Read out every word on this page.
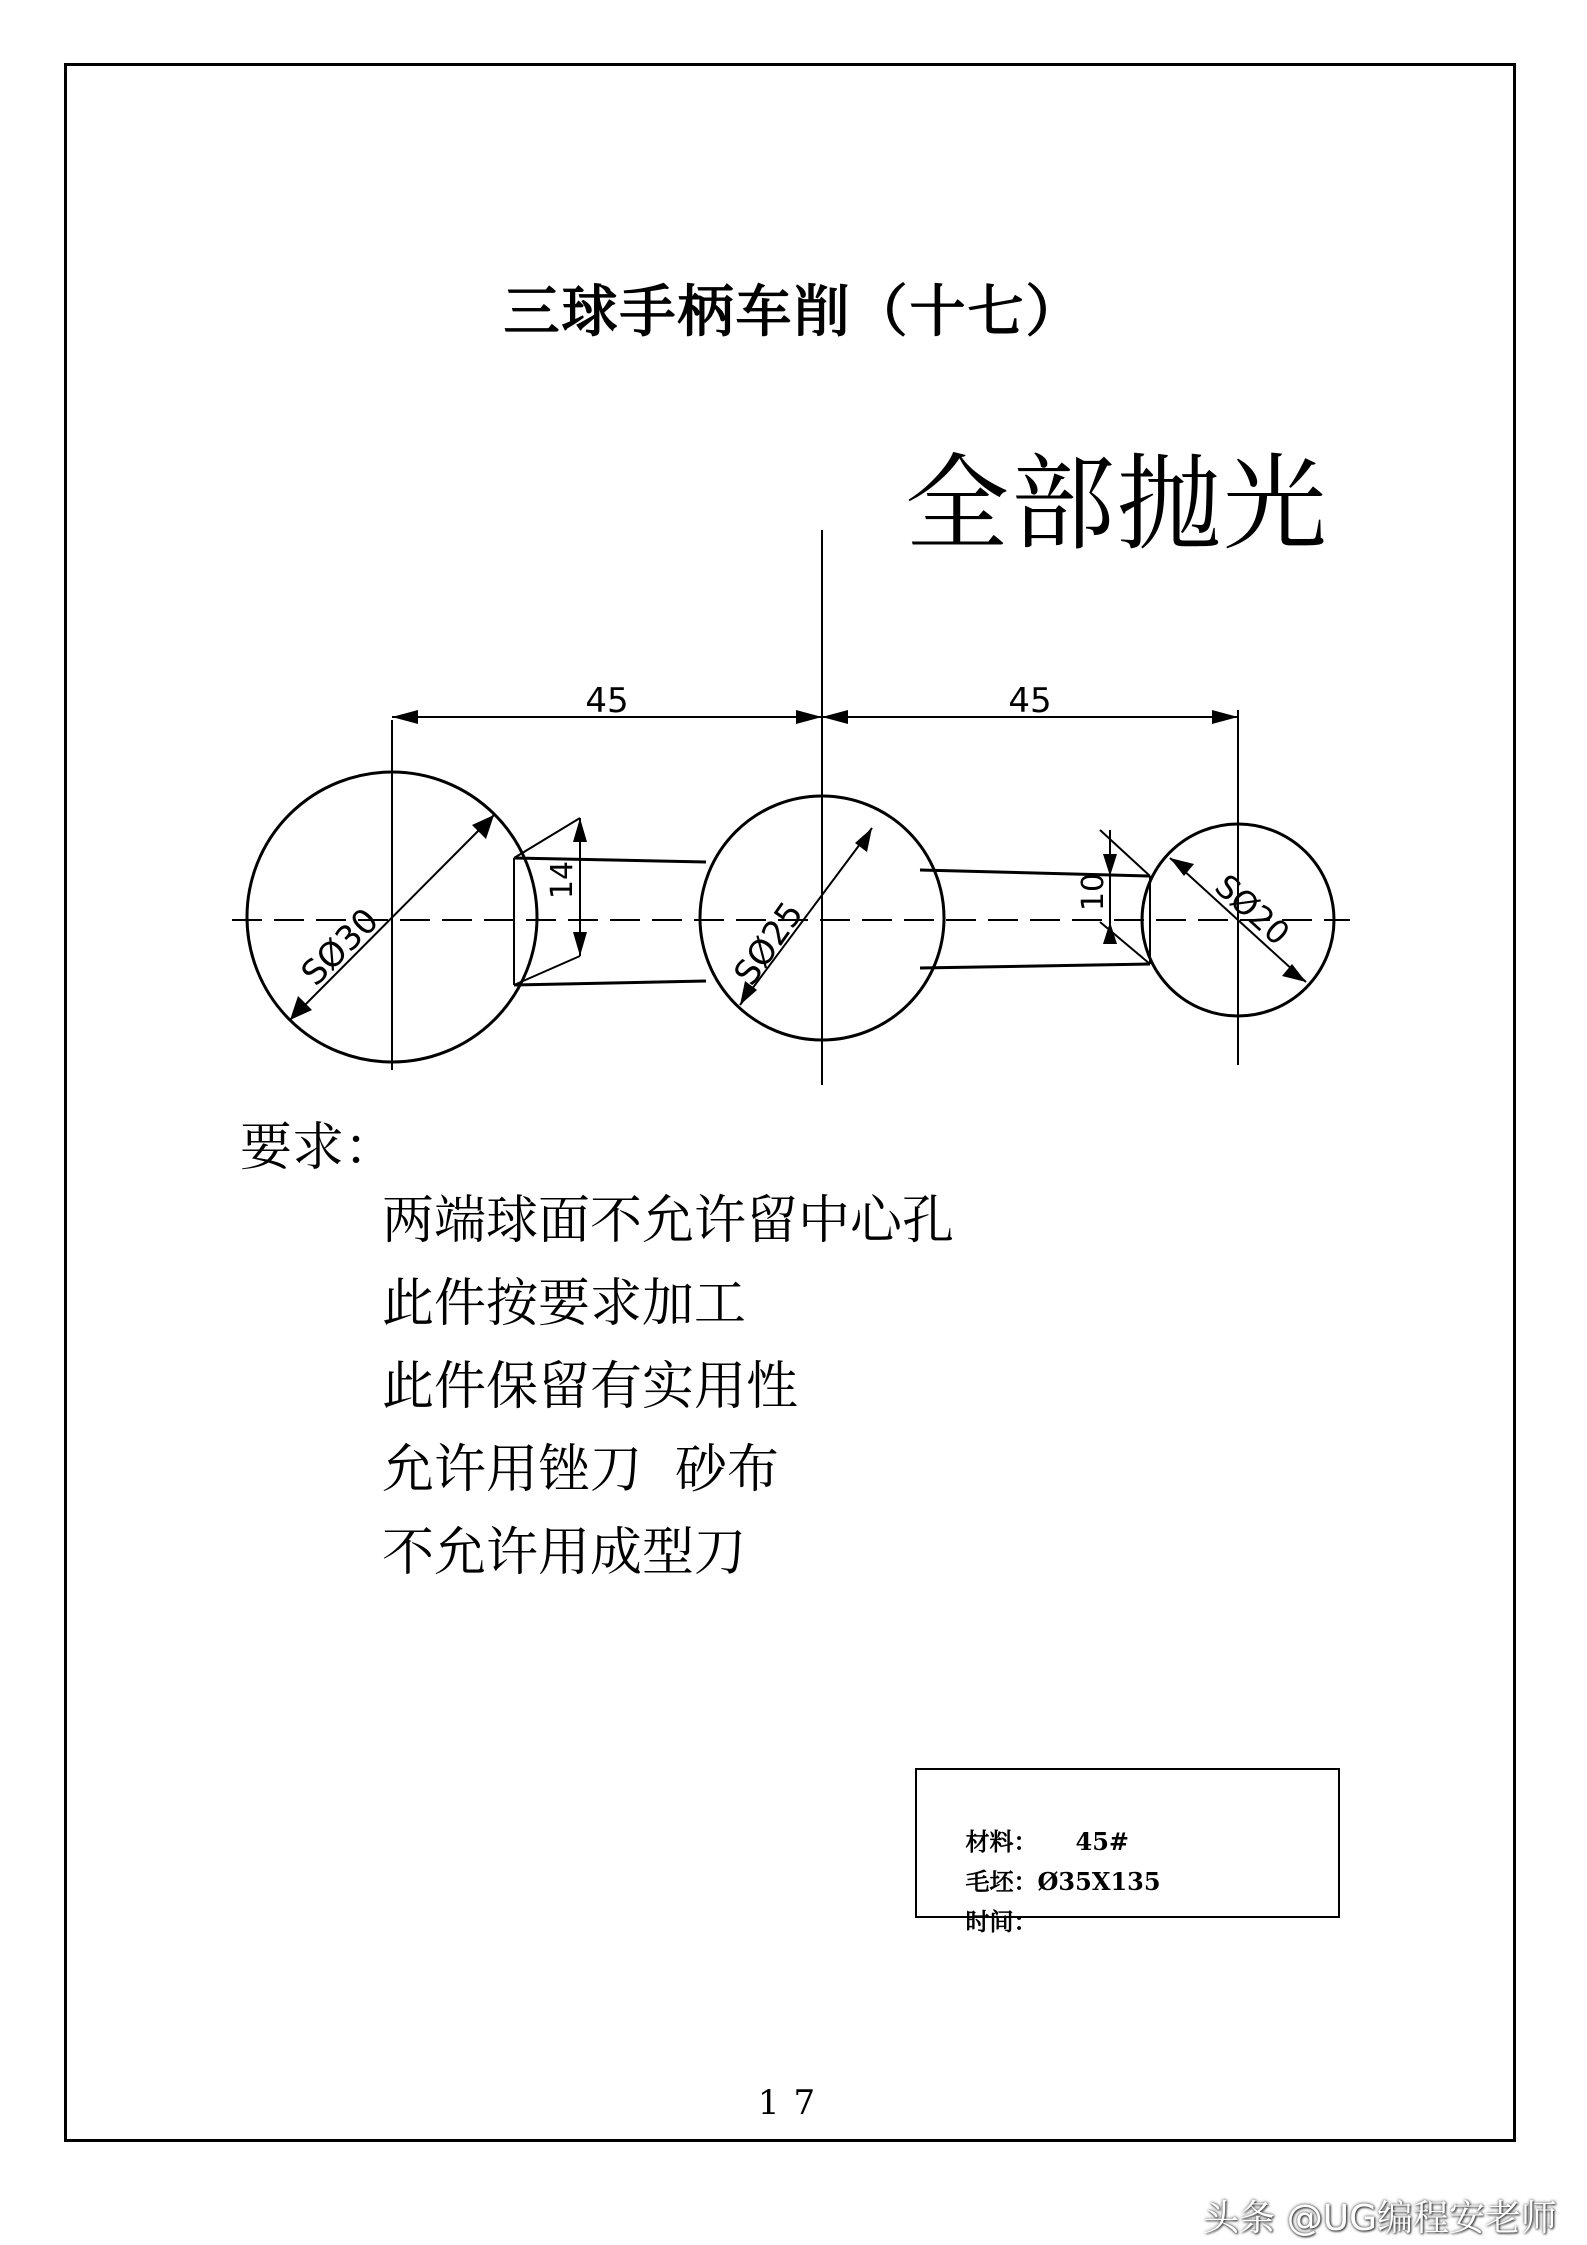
三球手柄车削（十七）
全部抛光
45	45
SØ30
14
SØ25
10	SØ20
要求：
两端球面不允许留中心孔
此件按要求加工
此件保留有实用性
允许用锉刀  砂布
不允许用成型刀

材料： 45#

毛坯：Ø35X135

时间：

17
头条 @UG编程安老师
